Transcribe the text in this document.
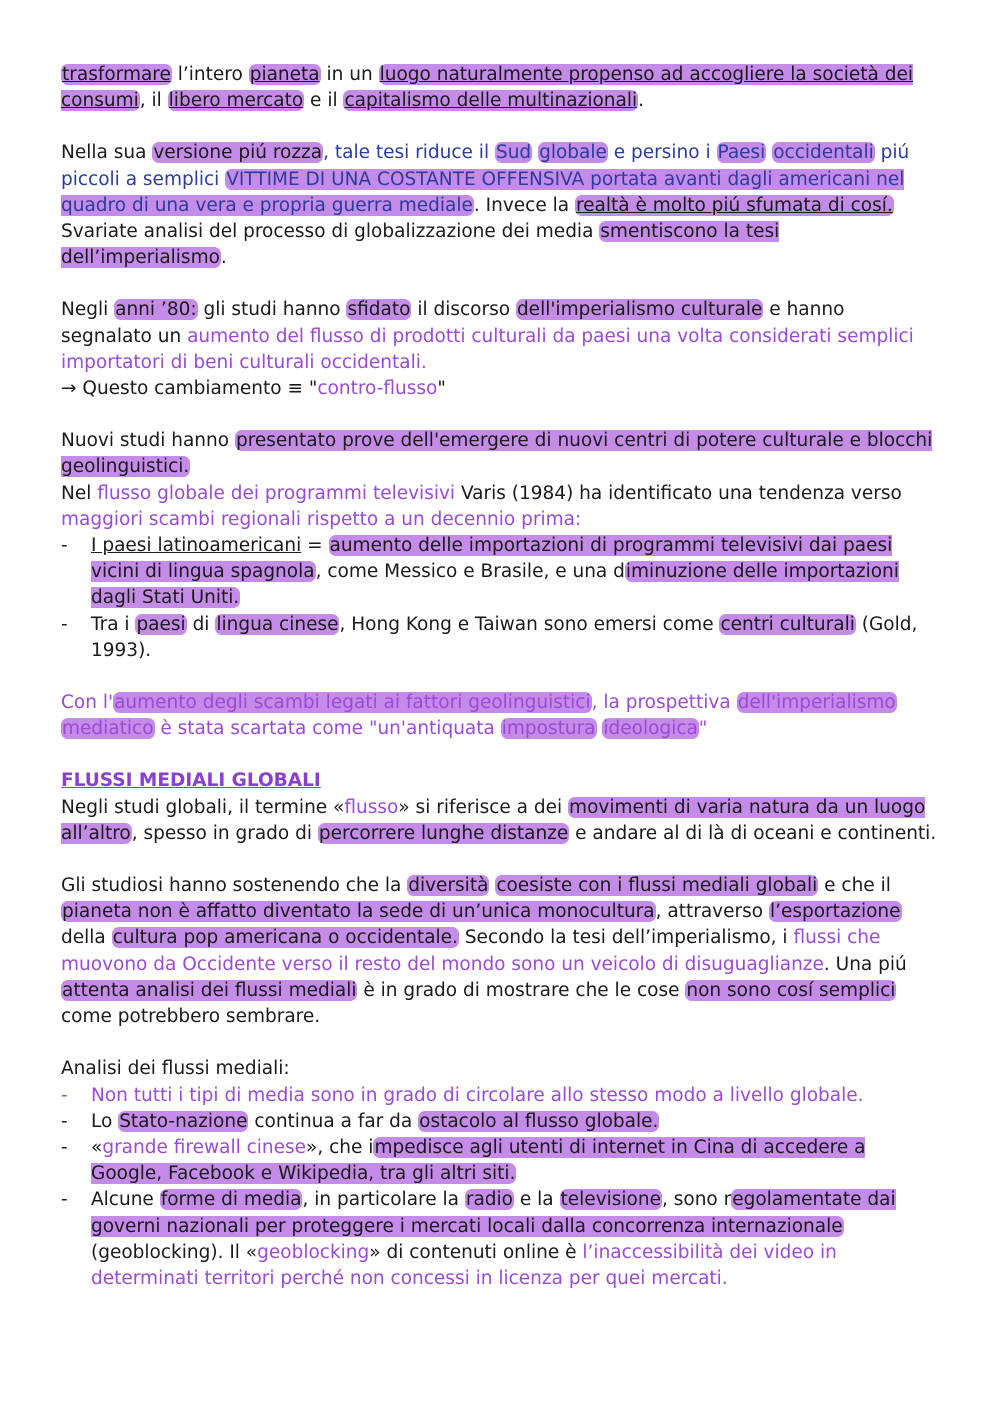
trasformare l’intero pianeta in un luogo naturalmente propenso ad accogliere la società dei consumi, il libero mercato e il capitalismo delle multinazionali.

Nella sua versione piú rozza, tale tesi riduce il Sud globale e persino i Paesi occidentali piú piccoli a semplici VITTIME DI UNA COSTANTE OFFENSIVA portata avanti dagli americani nel quadro di una vera e propria guerra mediale. Invece la realtà è molto piú sfumata di cosí.
Svariate analisi del processo di globalizzazione dei media smentiscono la tesi dell’imperialismo.

Negli anni ’80: gli studi hanno sfidato il discorso dell'imperialismo culturale e hanno segnalato un aumento del flusso di prodotti culturali da paesi una volta considerati semplici importatori di beni culturali occidentali.
→ Questo cambiamento ≡ "contro-flusso"

Nuovi studi hanno presentato prove dell'emergere di nuovi centri di potere culturale e blocchi geolinguistici.
Nel flusso globale dei programmi televisivi Varis (1984) ha identificato una tendenza verso maggiori scambi regionali rispetto a un decennio prima:

- I paesi latinoamericani = aumento delle importazioni di programmi televisivi dai paesi vicini di lingua spagnola, come Messico e Brasile, e una diminuzione delle importazioni dagli Stati Uniti.
- Tra i paesi di lingua cinese, Hong Kong e Taiwan sono emersi come centri culturali (Gold, 1993).

Con l'aumento degli scambi legati ai fattori geolinguistici, la prospettiva dell'imperialismo mediatico è stata scartata come "un'antiquata impostura ideologica"

FLUSSI MEDIALI GLOBALI
Negli studi globali, il termine «flusso» si riferisce a dei movimenti di varia natura da un luogo all’altro, spesso in grado di percorrere lunghe distanze e andare al di là di oceani e continenti.

Gli studiosi hanno sostenendo che la diversità coesiste con i flussi mediali globali e che il pianeta non è affatto diventato la sede di un’unica monocultura, attraverso l’esportazione della cultura pop americana o occidentale. Secondo la tesi dell’imperialismo, i flussi che muovono da Occidente verso il resto del mondo sono un veicolo di disuguaglianze. Una piú attenta analisi dei flussi mediali è in grado di mostrare che le cose non sono cosí semplici come potrebbero sembrare.

Analisi dei flussi mediali:

- Non tutti i tipi di media sono in grado di circolare allo stesso modo a livello globale.
- Lo Stato-nazione continua a far da ostacolo al flusso globale.
- «grande firewall cinese», che impedisce agli utenti di internet in Cina di accedere a Google, Facebook e Wikipedia, tra gli altri siti.
- Alcune forme di media, in particolare la radio e la televisione, sono regolamentate dai governi nazionali per proteggere i mercati locali dalla concorrenza internazionale (geoblocking). Il «geoblocking» di contenuti online è l’inaccessibilità dei video in determinati territori perché non concessi in licenza per quei mercati.
